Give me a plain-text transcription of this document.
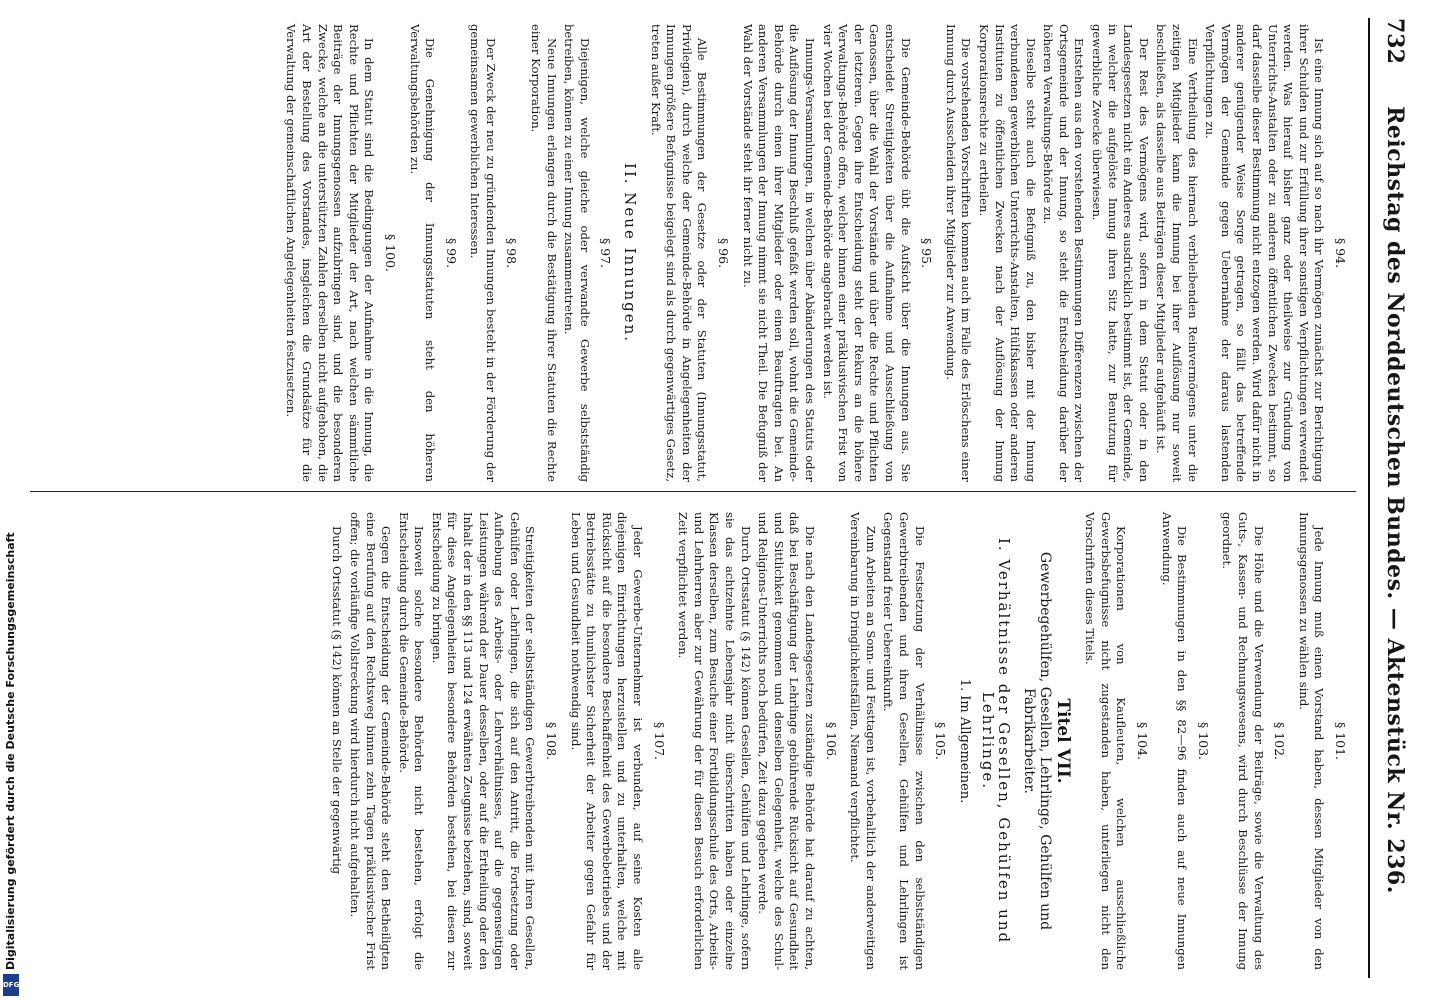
732
Reichstag des Norddeutschen Bundes. — Aktenstück Nr. 236.
§ 94.

Ist eine Innung sich auf so nach ihr Vermögen zunächst zur Berichtigung ihrer Schulden und zur Erfüllung ihrer sonstigen Verpflichtungen verwendet werden. Was hierauf bisher ganz oder theilweise zur Gründung von Unterrichts-Anstalten oder zu anderen öffentlichen Zwecken bestimmt, so darf dasselbe dieser Bestimmung nicht entzogen werden. Wird dafür nicht in anderer genügender Weise Sorge getragen, so fällt das betreffende Vermögen der Gemeinde gegen Uebernahme der daraus lastenden Verpflichtungen zu.

Eine Vertheilung des hiernach verbleibenden Reinvermögens unter die zeitigen Mitglieder kann die Innung bei ihrer Auflösung nur soweit beschließen, als dasselbe aus Beiträgen dieser Mitglieder aufgehäuft ist.

Der Rest des Vermögens wird, sofern in dem Statut oder in den Landesgesetzen nicht ein Anderes ausdrücklich bestimmt ist, der Gemeinde, in welcher die aufgelöste Innung ihren Sitz hatte, zur Benutzung für gewerbliche Zwecke überwiesen.

Entstehen aus den vorstehenden Bestimmungen Differenzen zwischen der Ortsgemeinde und der Innung, so steht die Entscheidung darüber der höheren Verwaltungs-Behörde zu.

Dieselbe steht auch die Befugniß zu, den bisher mit der Innung verbundenen gewerblichen Unterrichts-Anstalten, Hülfskassen oder anderen Instituten zu öffentlichen Zwecken nach der Auflösung der Innung Korporationsrechte zu ertheilen.

Die vorstehenden Vorschriften kommen auch im Falle des Erlöschens einer Innung durch Ausscheiden ihrer Mitglieder zur Anwendung.

§ 95.

Die Gemeinde-Behörde übt die Aufsicht über die Innungen aus. Sie entscheidet Streitigkeiten über die Aufnahme und Ausschließung von Genossen, über die Wahl der Vorstände und über die Rechte und Pflichten der letzteren. Gegen ihre Entscheidung steht der Rekurs an die höhere Verwaltungs-Behörde offen, welcher binnen einer präklusivischen Frist von vier Wochen bei der Gemeinde-Behörde angebracht werden ist.

Innungs-Versammlungen, in welchen über Abänderungen des Statuts oder die Auflösung der Innung Beschluß gefaßt werden soll, wohnt die Gemeinde-Behörde durch einen ihrer Mitglieder oder einen Beauftragten bei. An anderen Versammlungen der Innung nimmt sie nicht Theil. Die Befugniß der Wahl der Vorstände steht ihr ferner nicht zu.

§ 96.

Alle Bestimmungen der Gesetze oder der Statuten (Innungsstatut, Privilegien), durch welche der Gemeinde-Behörde in Angelegenheiten der Innungen größere Befugnisse beigelegt sind als durch gegenwärtiges Gesetz, treten außer Kraft.

II. Neue Innungen.
§ 97.

Diejenigen, welche gleiche oder verwandte Gewerbe selbstständig betreiben, können zu einer Innung zusammentreten.

Neue Innungen erlangen durch die Bestätigung ihrer Statuten die Rechte einer Korporation.

§ 98.

Der Zweck der neu zu gründenden Innungen besteht in der Förderung der gemeinsamen gewerblichen Interessen.

§ 99.

Die Genehmigung der Innungsstatuten steht den höheren Verwaltungsbehörden zu.

§ 100.

In dem Statut sind die Bedingungen der Aufnahme in die Innung, die Rechte und Pflichten der Mitglieder der Art, nach welchen sämmtliche Beiträge der Innungsgenossen aufzubringen sind, und die besonderen Zwecke, welche an die unterstützten Zahlen derselben nicht aufgehoben, die Art der Bestellung des Vorstandes, insgleichen die Grundsätze für die Verwaltung der gemeinschaftlichen Angelegenheiten festzusetzen.

§ 101.

Jede Innung muß einen Vorstand haben, dessen Mitglieder von den Innungsgenossen zu wählen sind.

§ 102.

Die Höhe und die Verwendung der Beiträge, sowie die Verwaltung des Guts-, Kassen- und Rechnungswesens, wird durch Beschlüsse der Innung geordnet.

§ 103.

Die Bestimmungen in den §§ 82—96 finden auch auf neue Innungen Anwendung.

§ 104.

Korporationen von Kaufleuten, welchen ausschließliche Gewerbsbefugnisse nicht zugestanden haben, unterliegen nicht den Vorschriften dieses Titels.

Titel VII.
Gewerbegehülfen, Gesellen, Lehrlinge, Gehülfen und Fabrikarbeiter.
I. Verhältnisse der Gesellen, Gehülfen und Lehrlinge.
1. Im Allgemeinen.
§ 105.

Die Festsetzung der Verhältnisse zwischen den selbstständigen Gewerbtreibenden und ihren Gesellen, Gehülfen und Lehrlingen ist Gegenstand freier Uebereinkunft.

Zum Arbeiten an Sonn- und Festtagen ist, vorbehaltlich der anderweitigen Vereinbarung in Dringlichkeitsfällen, Niemand verpflichtet.

§ 106.

Die nach den Landesgesetzen zuständige Behörde hat darauf zu achten, daß bei Beschäftigung der Lehrlinge gebührende Rücksicht auf Gesundheit und Sittlichkeit genommen und denselben Gelegenheit, welche des Schul- und Religions-Unterrichts noch bedürfen, Zeit dazu gegeben werde.

Durch Ortsstatut (§ 142) können Gesellen, Gehülfen und Lehrlinge, sofern sie das achtzehnte Lebensjahr nicht überschritten haben oder einzelne Klassen derselben, zum Besuche einer Fortbildungsschule des Orts, Arbeits- und Lehrherren aber zur Gewährung der für diesen Besuch erforderlichen Zeit verpflichtet werden.

§ 107.

Jeder Gewerbe-Unternehmer ist verbunden, auf seine Kosten alle diejenigen Einrichtungen herzustellen und zu unterhalten, welche mit Rücksicht auf die besondere Beschaffenheit des Gewerbebetriebes und der Betriebsstätte zu thunlichster Sicherheit der Arbeiter gegen Gefahr für Leben und Gesundheit nothwendig sind.

§ 108.

Streitigkeiten der selbstständigen Gewerbtreibenden mit ihren Gesellen, Gehülfen oder Lehrlingen, die sich auf den Antritt, die Fortsetzung oder Aufhebung des Arbeits- oder Lehrverhältnisses, auf die gegenseitigen Leistungen während der Dauer desselben, oder auf die Ertheilung oder den Inhalt der in den §§ 113 und 124 erwähnten Zeugnisse beziehen, sind, soweit für diese Angelegenheiten besondere Behörden bestehen, bei diesen zur Entscheidung zu bringen.

Insoweit solche besondere Behörden nicht bestehen, erfolgt die Entscheidung durch die Gemeinde-Behörde.

Gegen die Entscheidung der Gemeinde-Behörde steht den Betheiligten eine Berufung auf den Rechtsweg binnen zehn Tagen präklusivischer Frist offen; die vorläufige Vollstreckung wird hierdurch nicht aufgehalten.

Durch Ortsstatut (§ 142) können an Stelle der gegenwärtig

Digitalisierung gefördert durch die Deutsche Forschungsgemeinschaft
DFG
